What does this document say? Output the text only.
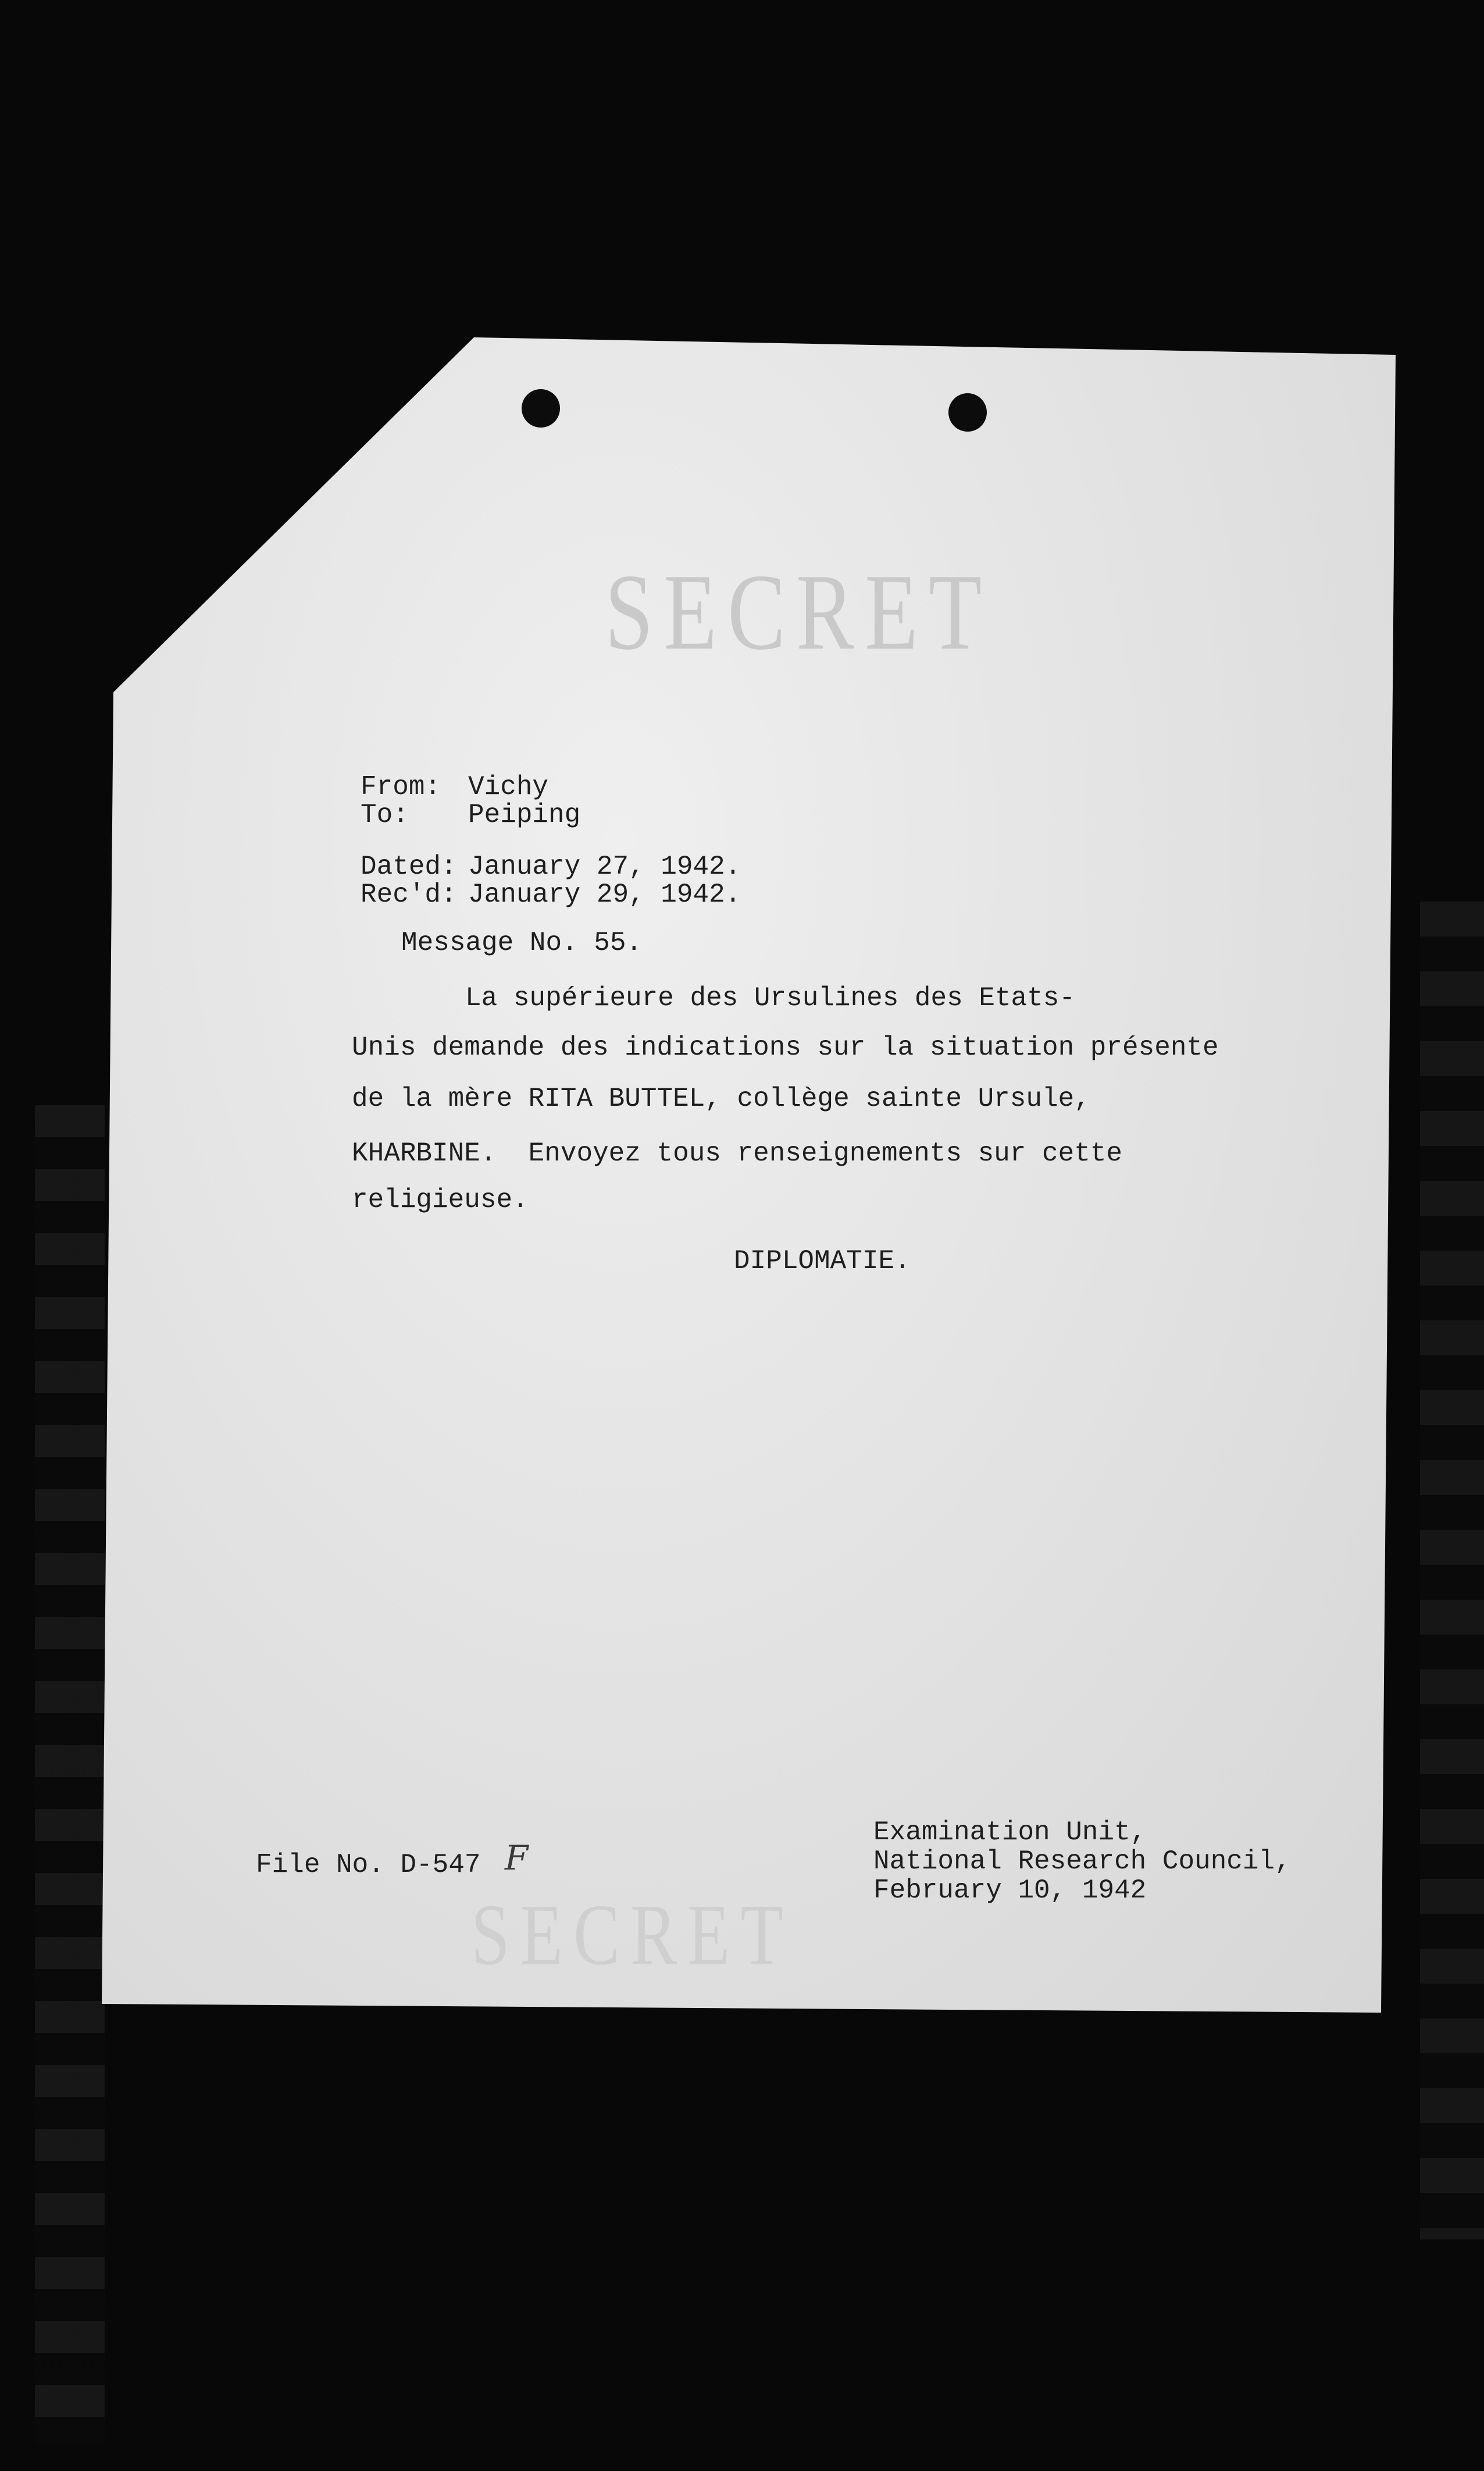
SECRET
From: Vichy
To: Peiping
Dated: January 27, 1942.
Rec'd: January 29, 1942.
Message No. 55.
La supérieure des Ursulines des Etats-
Unis demande des indications sur la situation présente
de la mère RITA BUTTEL, collège sainte Ursule,
KHARBINE.  Envoyez tous renseignements sur cette
religieuse.
DIPLOMATIE.
File No. D-547 F
SECRET
Examination Unit,
National Research Council,
February 10, 1942
